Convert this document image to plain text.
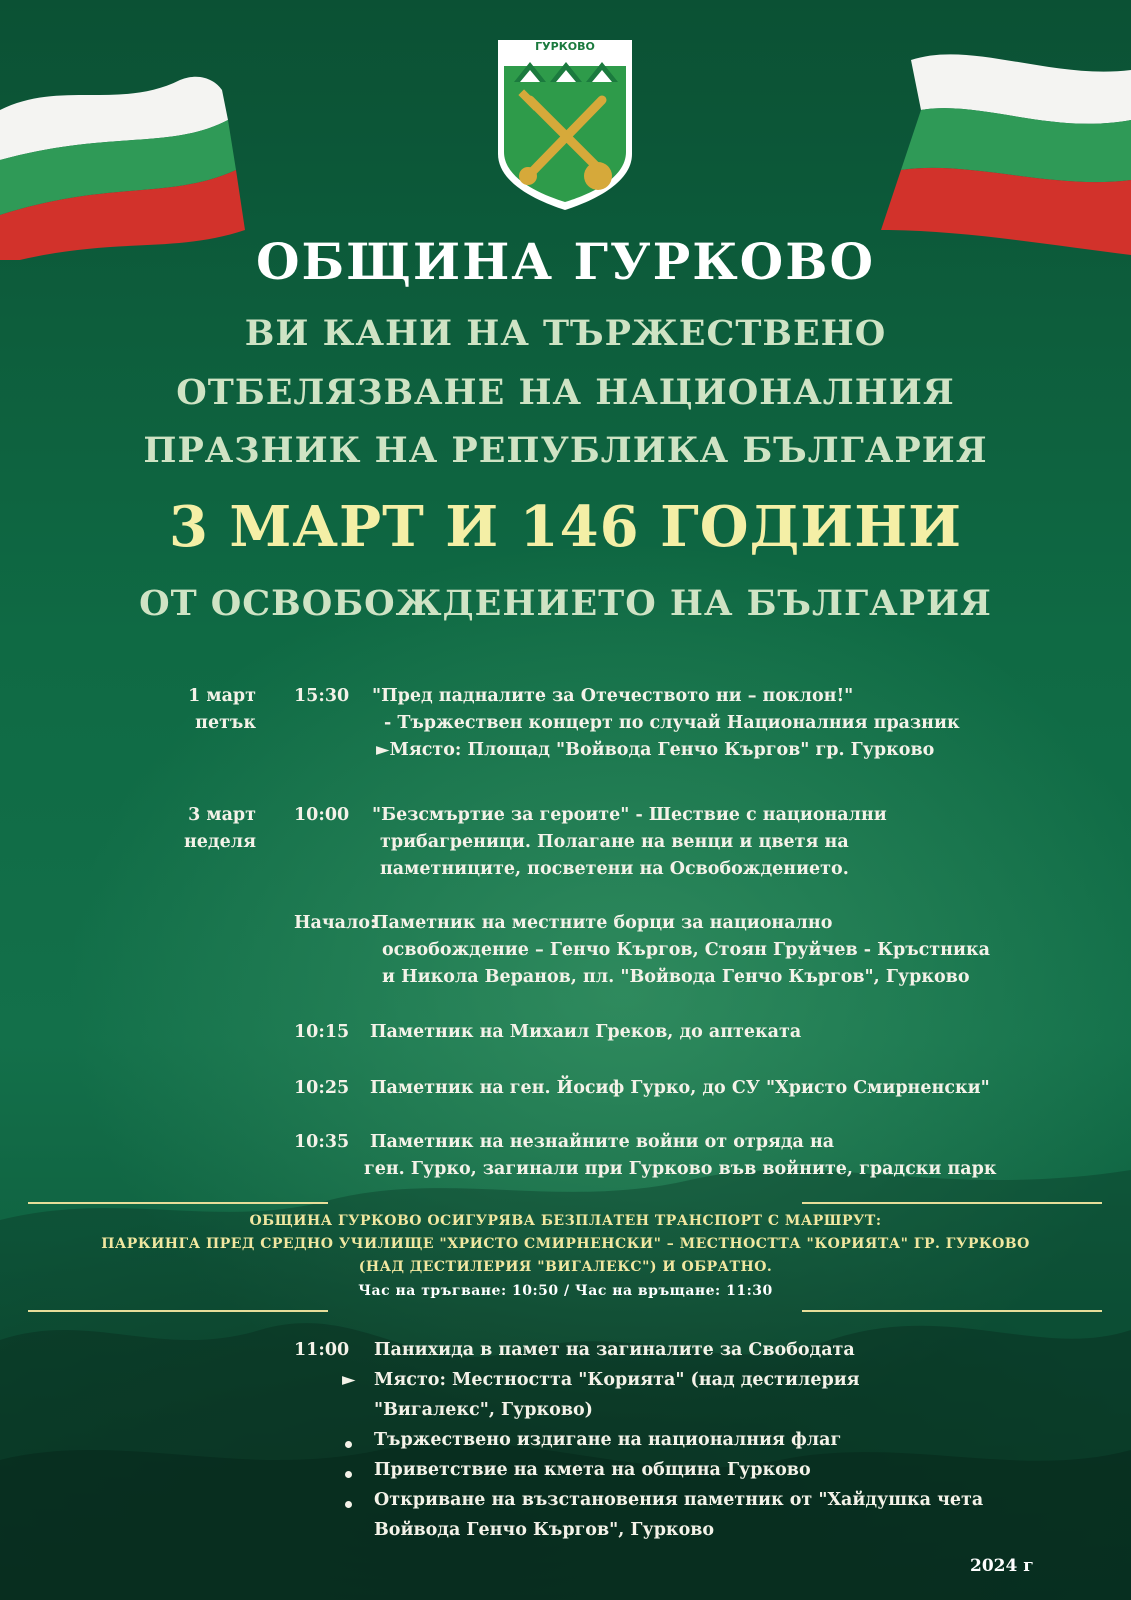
ГУРКОВО
ОБЩИНА ГУРКОВО
ВИ КАНИ НА ТЪРЖЕСТВЕНО
ОТБЕЛЯЗВАНЕ НА НАЦИОНАЛНИЯ
ПРАЗНИК НА РЕПУБЛИКА БЪЛГАРИЯ
3 МАРТ И 146 ГОДИНИ
ОТ ОСВОБОЖДЕНИЕТО НА БЪЛГАРИЯ
1 март
петък
15:30 "Пред падналите за Отечеството ни – поклон!"
- Тържествен концерт по случай Националния празник
►Място: Площад "Войвода Генчо Къргов" гр. Гурково
3 март
неделя
10:00 "Безсмъртие за героите" - Шествие с национални
трибагреници. Полагане на венци и цветя на
паметниците, посветени на Освобождението.
Начало:
Паметник на местните борци за национално
освобождение – Генчо Къргов, Стоян Груйчев - Кръстника
и Никола Веранов, пл. "Войвода Генчо Къргов", Гурково
10:15 Паметник на Михаил Греков, до аптеката
10:25 Паметник на ген. Йосиф Гурко, до СУ "Христо Смирненски"
10:35 Паметник на незнайните войни от отряда на
ген. Гурко, загинали при Гурково във войните, градски парк
ОБЩИНА ГУРКОВО ОСИГУРЯВА БЕЗПЛАТЕН ТРАНСПОРТ С МАРШРУТ:
ПАРКИНГА ПРЕД СРЕДНО УЧИЛИЩЕ "ХРИСТО СМИРНЕНСКИ" – МЕСТНОСТТА "КОРИЯТА" ГР. ГУРКОВО
(НАД ДЕСТИЛЕРИЯ "ВИГАЛЕКС") И ОБРАТНО.
Час на тръгване: 10:50 / Час на връщане: 11:30
11:00 Панихида в памет на загиналите за Свободата
► Място: Местността "Корията" (над дестилерия
"Вигалекс", Гурково)
Тържествено издигане на националния флаг
Приветствие на кмета на община Гурково
Откриване на възстановения паметник от "Хайдушка чета
Войвода Генчо Къргов", Гурково
2024 г
